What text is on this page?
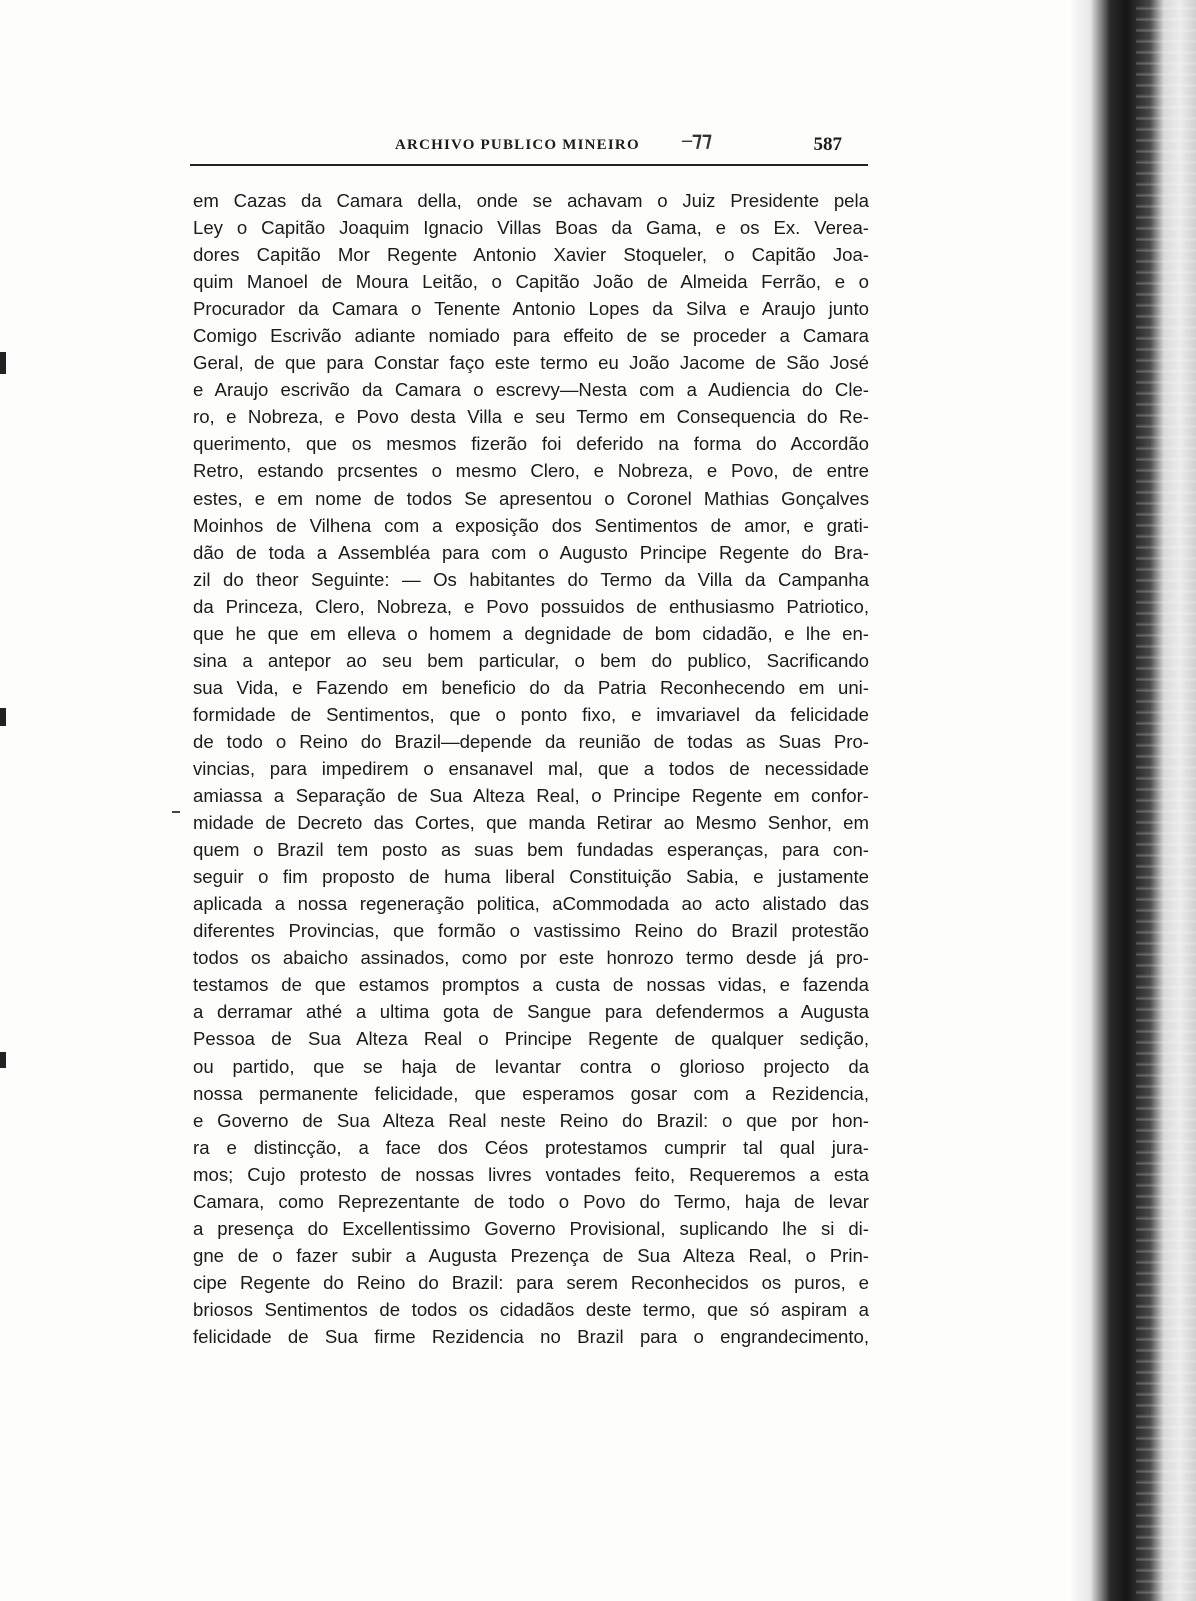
ARCHIVO PUBLICO MINEIRO –⁊⁊	587
em Cazas da Camara della, onde se achavam o Juiz Presidente pela
Ley o Capitão Joaquim Ignacio Villas Boas da Gama, e os Ex. Verea-
dores Capitão Mor Regente Antonio Xavier Stoqueler, o Capitão Joa-
quim Manoel de Moura Leitão, o Capitão João de Almeida Ferrão, e o
Procurador da Camara o Tenente Antonio Lopes da Silva e Araujo junto
Comigo Escrivão adiante nomiado para effeito de se proceder a Camara
Geral, de que para Constar faço este termo eu João Jacome de São José
e Araujo escrivão da Camara o escrevy—Nesta com a Audiencia do Cle-
ro, e Nobreza, e Povo desta Villa e seu Termo em Consequencia do Re-
querimento, que os mesmos fizerão foi deferido na forma do Accordão
Retro, estando prcsentes o mesmo Clero, e Nobreza, e Povo, de entre
estes, e em nome de todos Se apresentou o Coronel Mathias Gonçalves
Moinhos de Vilhena com a exposição dos Sentimentos de amor, e grati-
dão de toda a Assembléa para com o Augusto Principe Regente do Bra-
zil do theor Seguinte: — Os habitantes do Termo da Villa da Campanha
da Princeza, Clero, Nobreza, e Povo possuidos de enthusiasmo Patriotico,
que he que em elleva o homem a degnidade de bom cidadão, e lhe en-
sina a antepor ao seu bem particular, o bem do publico, Sacrificando
sua Vida, e Fazendo em beneficio do da Patria Reconhecendo em uni-
formidade de Sentimentos, que o ponto fixo, e imvariavel da felicidade
de todo o Reino do Brazil—depende da reunião de todas as Suas Pro-
vincias, para impedirem o ensanavel mal, que a todos de necessidade
amiassa a Separação de Sua Alteza Real, o Principe Regente em confor-
midade de Decreto das Cortes, que manda Retirar ao Mesmo Senhor, em
quem o Brazil tem posto as suas bem fundadas esperanças, para con-
seguir o fim proposto de huma liberal Constituição Sabia, e justamente
aplicada a nossa regeneração politica, aCommodada ao acto alistado das
diferentes Provincias, que formão o vastissimo Reino do Brazil protestão
todos os abaicho assinados, como por este honrozo termo desde já pro-
testamos de que estamos promptos a custa de nossas vidas, e fazenda
a derramar athé a ultima gota de Sangue para defendermos a Augusta
Pessoa de Sua Alteza Real o Principe Regente de qualquer sedição,
ou partido, que se haja de levantar contra o glorioso projecto da
nossa permanente felicidade, que esperamos gosar com a Rezidencia,
e Governo de Sua Alteza Real neste Reino do Brazil: o que por hon-
ra e distincção, a face dos Céos protestamos cumprir tal qual jura-
mos; Cujo protesto de nossas livres vontades feito, Requeremos a esta
Camara, como Reprezentante de todo o Povo do Termo, haja de levar
a presença do Excellentissimo Governo Provisional, suplicando lhe si di-
gne de o fazer subir a Augusta Prezença de Sua Alteza Real, o Prin-
cipe Regente do Reino do Brazil: para serem Reconhecidos os puros, e
briosos Sentimentos de todos os cidadãos deste termo, que só aspiram a
felicidade de Sua firme Rezidencia no Brazil para o engrandecimento,
